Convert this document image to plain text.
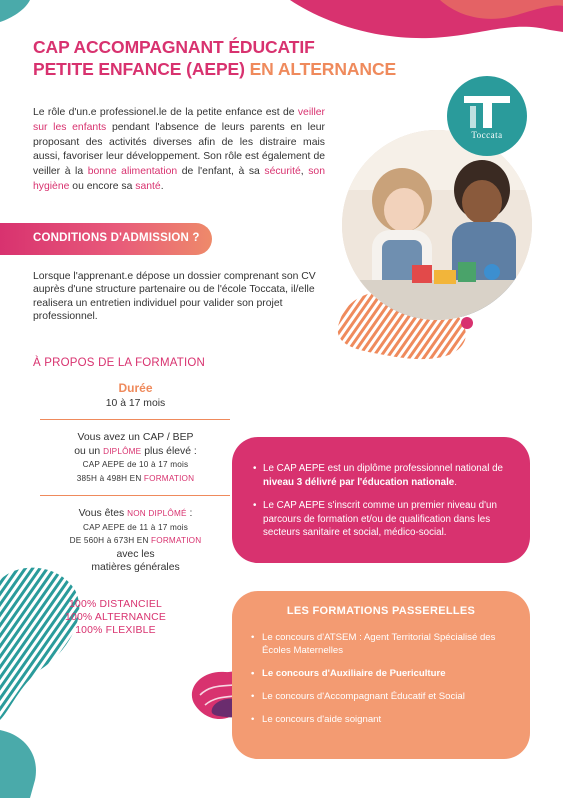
CAP ACCOMPAGNANT ÉDUCATIF
PETITE ENFANCE (AEPE) EN ALTERNANCE
Le rôle d'un.e professionel.le de la petite enfance est de veiller sur les enfants pendant l'absence de leurs parents en leur proposant des activités diverses afin de les distraire mais aussi, favoriser leur développement. Son rôle est également de veiller à la bonne alimentation de l'enfant, à sa sécurité, son hygiène ou encore sa santé.
Toccata
CONDITIONS D'ADMISSION ?
Lorsque l'apprenant.e dépose un dossier comprenant son CV auprès d'une structure partenaire ou de l'école Toccata, il/elle realisera un entretien individuel pour valider son projet professionnel.
À PROPOS DE LA FORMATION
Durée
10 à 17 mois
Vous avez un CAP / BEP
ou un DIPLÔME plus élevé :
CAP AEPE de 10 à 17 mois
385H à 498H EN FORMATION
Vous êtes NON DIPLÔMÉ :
CAP AEPE de 11 à 17 mois
DE 560H à 673H EN FORMATION
avec les
matières générales
100% DISTANCIEL
100% ALTERNANCE
100% FLEXIBLE
• Le CAP AEPE est un diplôme professionnel national de niveau 3 délivré par l'éducation nationale.
• Le CAP AEPE s'inscrit comme un premier niveau d'un parcours de formation et/ou de qualification dans les secteurs sanitaire et social, médico-social.
LES FORMATIONS PASSERELLES
• Le concours d'ATSEM : Agent Territorial Spécialisé des Écoles Maternelles
• Le concours d'Auxiliaire de Puericulture
• Le concours d'Accompagnant Éducatif et Social
• Le concours d'aide soignant
